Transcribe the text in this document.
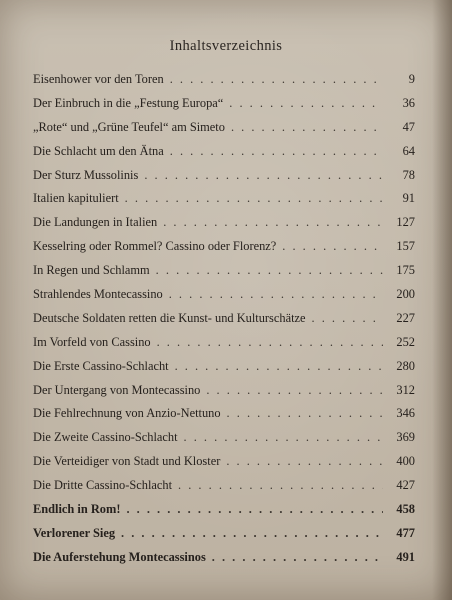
Inhaltsverzeichnis
Eisenhower vor den Toren . . .	9
Der Einbruch in die „Festung Europa“ . . .	36
„Rote“ und „Grüne Teufel“ am Simeto . . .	47
Die Schlacht um den Ätna . . .	64
Der Sturz Mussolinis . . .	78
Italien kapituliert . . .	91
Die Landungen in Italien . . .	127
Kesselring oder Rommel? Cassino oder Florenz? . . .	157
In Regen und Schlamm . . .	175
Strahlendes Montecassino . . .	200
Deutsche Soldaten retten die Kunst- und Kulturschätze . . .	227
Im Vorfeld von Cassino . . .	252
Die Erste Cassino-Schlacht . . .	280
Der Untergang von Montecassino . . .	312
Die Fehlrechnung von Anzio-Nettuno . . .	346
Die Zweite Cassino-Schlacht . . .	369
Die Verteidiger von Stadt und Kloster . . .	400
Die Dritte Cassino-Schlacht . . .	427
Endlich in Rom! . . .	458
Verlorener Sieg . . .	477
Die Auferstehung Montecassinos . . .	491
